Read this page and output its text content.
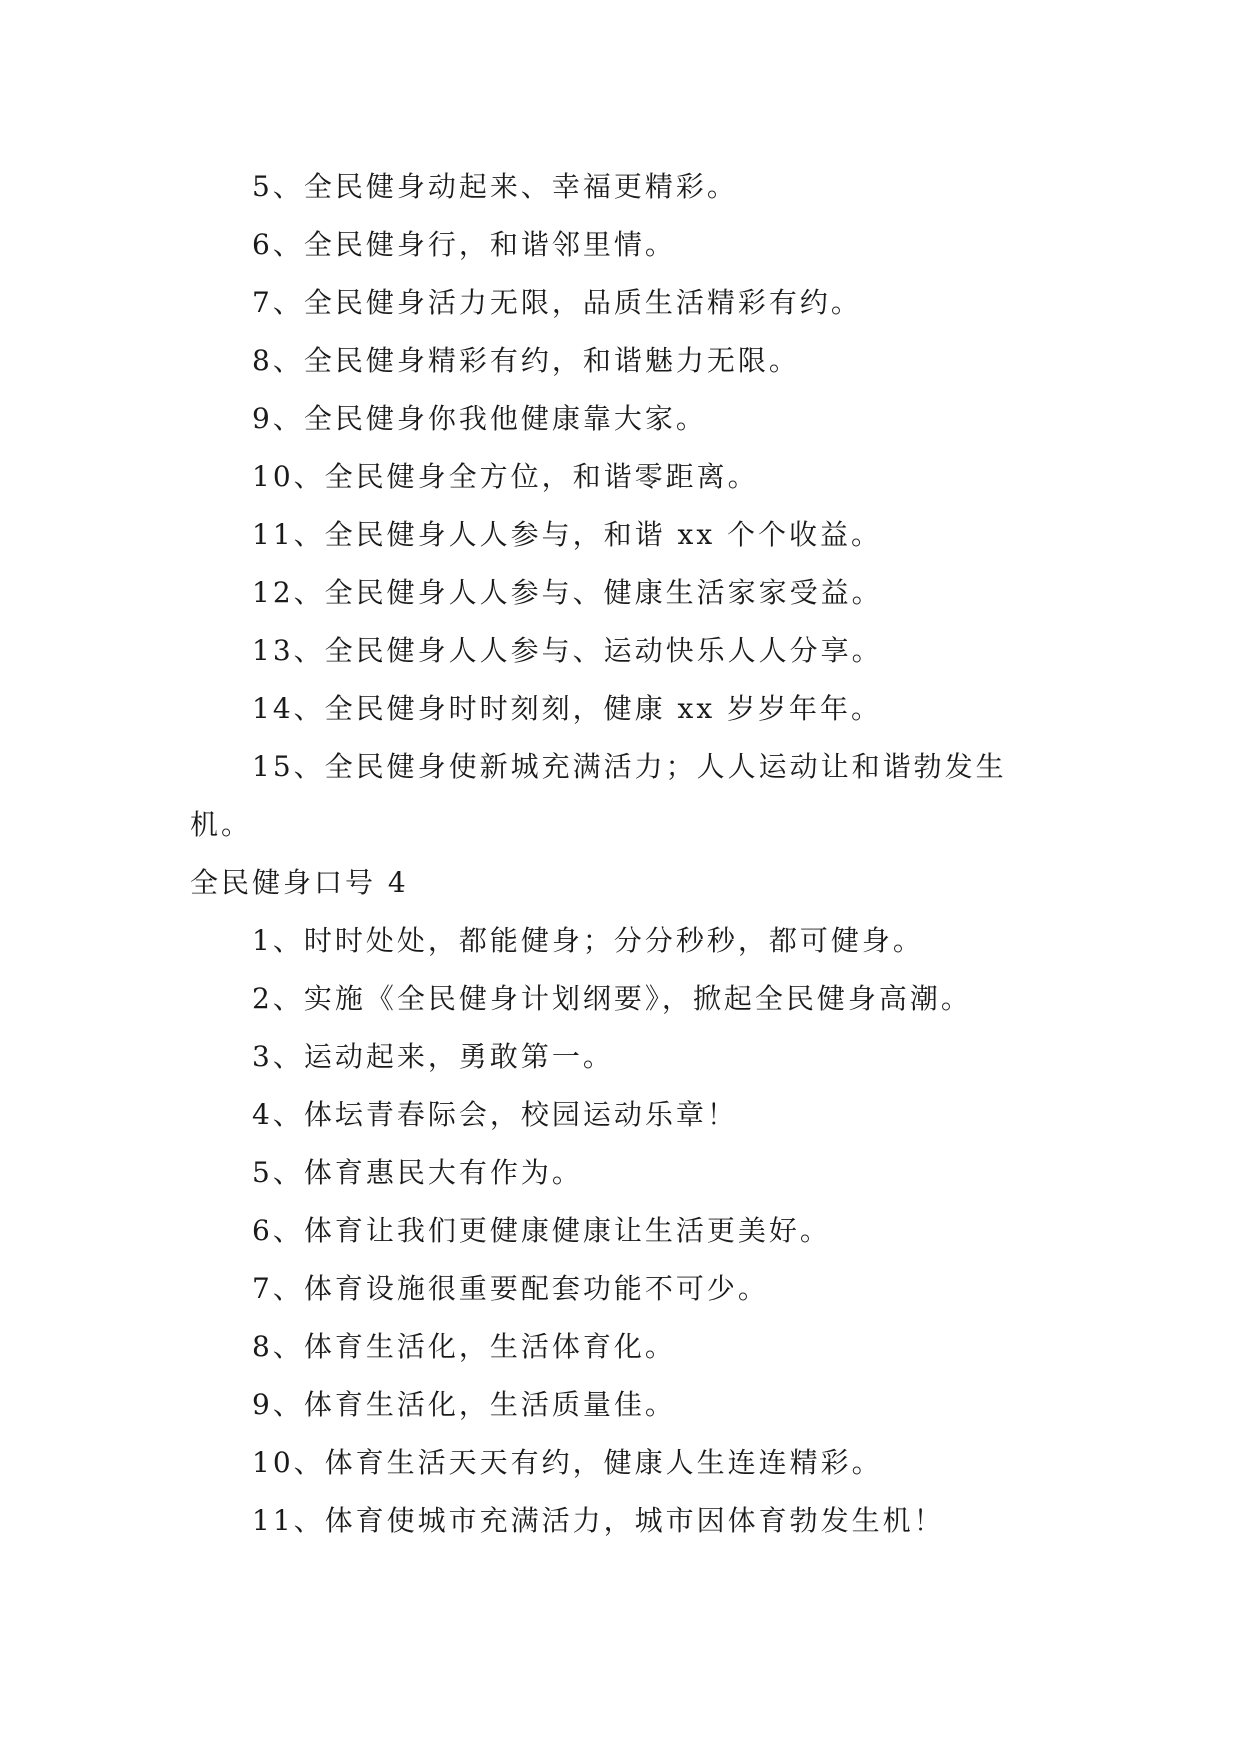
5、全民健身动起来、幸福更精彩。
6、全民健身行，和谐邻里情。
7、全民健身活力无限，品质生活精彩有约。
8、全民健身精彩有约，和谐魅力无限。
9、全民健身你我他健康靠大家。
10、全民健身全方位，和谐零距离。
11、全民健身人人参与，和谐 xx 个个收益。
12、全民健身人人参与、健康生活家家受益。
13、全民健身人人参与、运动快乐人人分享。
14、全民健身时时刻刻，健康 xx 岁岁年年。
15、全民健身使新城充满活力；人人运动让和谐勃发生
机。
全民健身口号 4
1、时时处处，都能健身；分分秒秒，都可健身。
2、实施《全民健身计划纲要》，掀起全民健身高潮。
3、运动起来，勇敢第一。
4、体坛青春际会，校园运动乐章！
5、体育惠民大有作为。
6、体育让我们更健康健康让生活更美好。
7、体育设施很重要配套功能不可少。
8、体育生活化，生活体育化。
9、体育生活化，生活质量佳。
10、体育生活天天有约，健康人生连连精彩。
11、体育使城市充满活力，城市因体育勃发生机！
